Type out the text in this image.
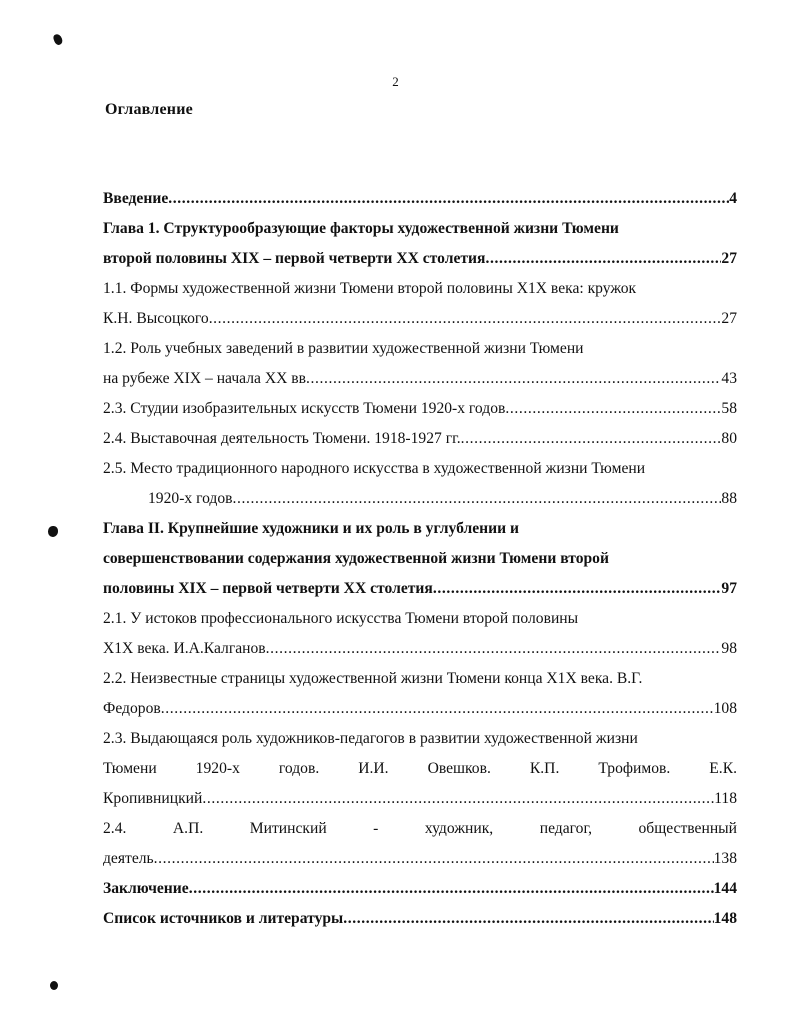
2
Оглавление
Введение .....	4
Глава 1. Структурообразующие факторы художественной жизни Тюмени
второй половины XIX – первой четверти XX столетия .....	27
1.1. Формы художественной жизни Тюмени второй половины Х1Х века: кружок
К.Н. Высоцкого .....	27
1.2. Роль учебных заведений в развитии художественной жизни Тюмени
на рубеже XIX – начала XX вв .....	43
2.3. Студии изобразительных искусств Тюмени 1920-х годов .....	58
2.4. Выставочная деятельность Тюмени. 1918-1927 гг. .....	80
2.5. Место традиционного народного искусства в художественной жизни Тюмени
1920-х годов .....	88
Глава II. Крупнейшие художники и их роль в углублении и
совершенствовании содержания художественной жизни Тюмени второй
половины XIX – первой четверти XX столетия .....	97
2.1. У истоков профессионального искусства Тюмени второй половины
Х1Х века. И.А.Калганов .....	98
2.2. Неизвестные страницы художественной жизни Тюмени конца Х1Х века. В.Г.
Федоров .....	108
2.3. Выдающаяся роль художников-педагогов в развитии художественной жизни
Тюмени 1920-х годов. И.И. Овешков. К.П. Трофимов. Е.К.
Кропивницкий .....	118
2.4. А.П. Митинский - художник, педагог, общественный
деятель .....	138
Заключение .....	144
Список источников и литературы .....	148
